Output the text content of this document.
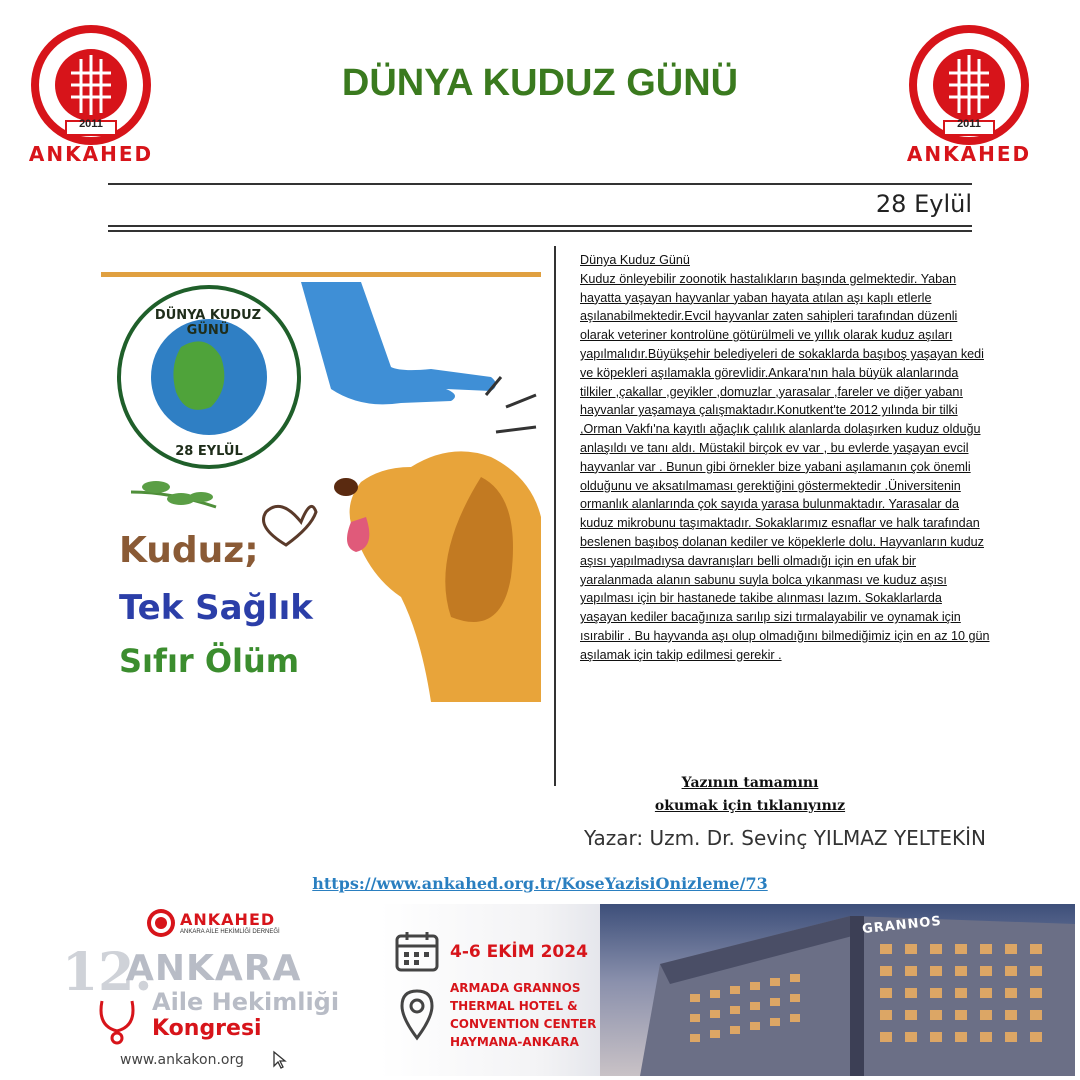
2011
ANKAHED
2011
ANKAHED
DÜNYA KUDUZ GÜNÜ
28 Eylül
Kuduz;
Tek Sağlık
Sıfır Ölüm
DÜNYA KUDUZ GÜNÜ
28 EYLÜL

Dünya Kuduz Günü

Kuduz önleyebilir zoonotik hastalıkların başında gelmektedir. Yaban hayatta yaşayan hayvanlar yaban hayata atılan aşı kaplı etlerle aşılanabilmektedir.Evcil hayvanlar zaten sahipleri tarafından düzenli olarak veteriner kontrolüne götürülmeli ve yıllık olarak kuduz aşıları yapılmalıdır.Büyükşehir belediyeleri de sokaklarda başıboş yaşayan kedi ve köpekleri aşılamakla görevlidir.Ankara'nın hala büyük alanlarında tilkiler ,çakallar ,geyikler ,domuzlar ,yarasalar ,fareler ve diğer yabanı hayvanlar yaşamaya çalışmaktadır.Konutkent'te 2012 yılında bir tilki ,Orman Vakfı'na kayıtlı ağaçlık çalılık alanlarda dolaşırken kuduz olduğu anlaşıldı ve tanı aldı. Müstakil birçok ev var , bu evlerde yaşayan evcil hayvanlar var . Bunun gibi örnekler bize yabani aşılamanın çok önemli olduğunu ve aksatılmaması gerektiğini göstermektedir .Üniversitenin ormanlık alanlarında çok sayıda yarasa bulunmaktadır. Yarasalar da kuduz mikrobunu taşımaktadır. Sokaklarımız esnaflar ve halk tarafından beslenen başıboş dolanan kediler ve köpeklerle dolu. Hayvanların kuduz aşısı yapılmadıysa davranışları belli olmadığı için en ufak bir yaralanmada alanın sabunu suyla bolca yıkanması ve kuduz aşısı yapılması için bir hastanede takibe alınması lazım. Sokaklarlarda yaşayan kediler bacağınıza sarılıp sizi tırmalayabilir ve oynamak için ısırabilir . Bu hayvanda aşı olup olmadığını bilmediğimiz için en az 10 gün aşılamak için takip edilmesi gerekir .

Yazının tamamını
okumak için tıklanıyınız
Yazar: Uzm. Dr. Sevinç YILMAZ YELTEKİN
https://www.ankahed.org.tr/KoseYazisiOnizleme/73
ANKAHED
ANKARA AİLE HEKİMLİĞİ DERNEĞİ
12.
ANKARA
Aile Hekimliği
Kongresi
www.ankakon.org
4-6 EKİM 2024
ARMADA GRANNOS
THERMAL HOTEL &
CONVENTION CENTER
HAYMANA-ANKARA
GRANNOS
